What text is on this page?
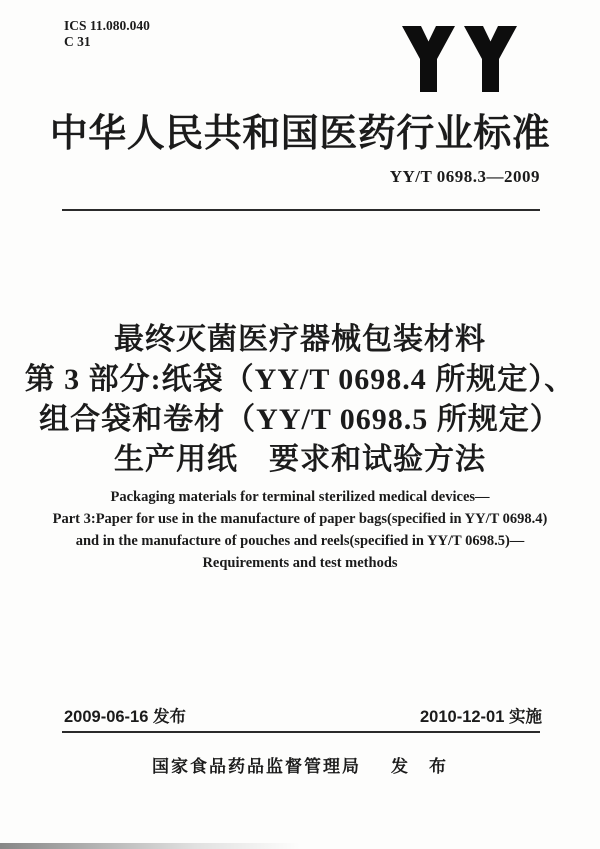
ICS 11.080.040
C 31
中华人民共和国医药行业标准
YY/T 0698.3—2009
最终灭菌医疗器械包装材料
第 3 部分:纸袋（YY/T 0698.4 所规定）、
组合袋和卷材（YY/T 0698.5 所规定）
生产用纸　要求和试验方法
Packaging materials for terminal sterilized medical devices—
Part 3:Paper for use in the manufacture of paper bags(specified in YY/T 0698.4)
and in the manufacture of pouches and reels(specified in YY/T 0698.5)—
Requirements and test methods
2009-06-16 发布	2010-12-01 实施
国家食品药品监督管理局 发　布
